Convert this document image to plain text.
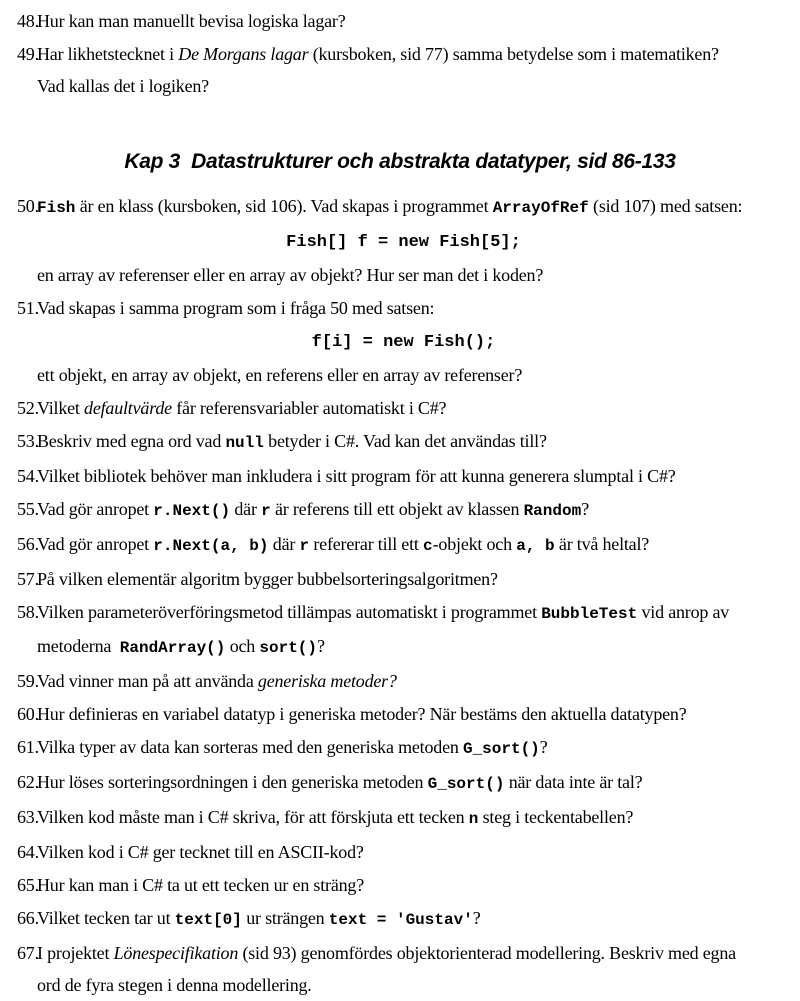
48.
Hur kan man manuellt bevisa logiska lagar?
49.
Har likhetstecknet i De Morgans lagar (kursboken, sid 77) samma betydelse som i matematiken?
Vad kallas det i logiken?
Kap 3  Datastrukturer och abstrakta datatyper, sid 86-133
50.
Fish är en klass (kursboken, sid 106). Vad skapas i programmet ArrayOfRef (sid 107) med satsen:
Fish[] f = new Fish[5];
en array av referenser eller en array av objekt? Hur ser man det i koden?
51.
Vad skapas i samma program som i fråga 50 med satsen:
f[i] = new Fish();
ett objekt, en array av objekt, en referens eller en array av referenser?
52.
Vilket defaultvärde får referensvariabler automatiskt i C#?
53.
Beskriv med egna ord vad null betyder i C#. Vad kan det användas till?
54.
Vilket bibliotek behöver man inkludera i sitt program för att kunna generera slumptal i C#?
55.
Vad gör anropet r.Next() där r är referens till ett objekt av klassen Random?
56.
Vad gör anropet r.Next(a, b) där r refererar till ett c-objekt och a, b är två heltal?
57.
På vilken elementär algoritm bygger bubbelsorteringsalgoritmen?
58.
Vilken parameteröverföringsmetod tillämpas automatiskt i programmet BubbleTest vid anrop av
metoderna  RandArray() och sort()?
59.
Vad vinner man på att använda generiska metoder?
60.
Hur definieras en variabel datatyp i generiska metoder? När bestäms den aktuella datatypen?
61.
Vilka typer av data kan sorteras med den generiska metoden G_sort()?
62.
Hur löses sorteringsordningen i den generiska metoden G_sort() när data inte är tal?
63.
Vilken kod måste man i C# skriva, för att förskjuta ett tecken n steg i teckentabellen?
64.
Vilken kod i C# ger tecknet till en ASCII-kod?
65.
Hur kan man i C# ta ut ett tecken ur en sträng?
66.
Vilket tecken tar ut text[0] ur strängen text = 'Gustav'?
67.
I projektet Lönespecifikation (sid 93) genomfördes objektorienterad modellering. Beskriv med egna
ord de fyra stegen i denna modellering.
